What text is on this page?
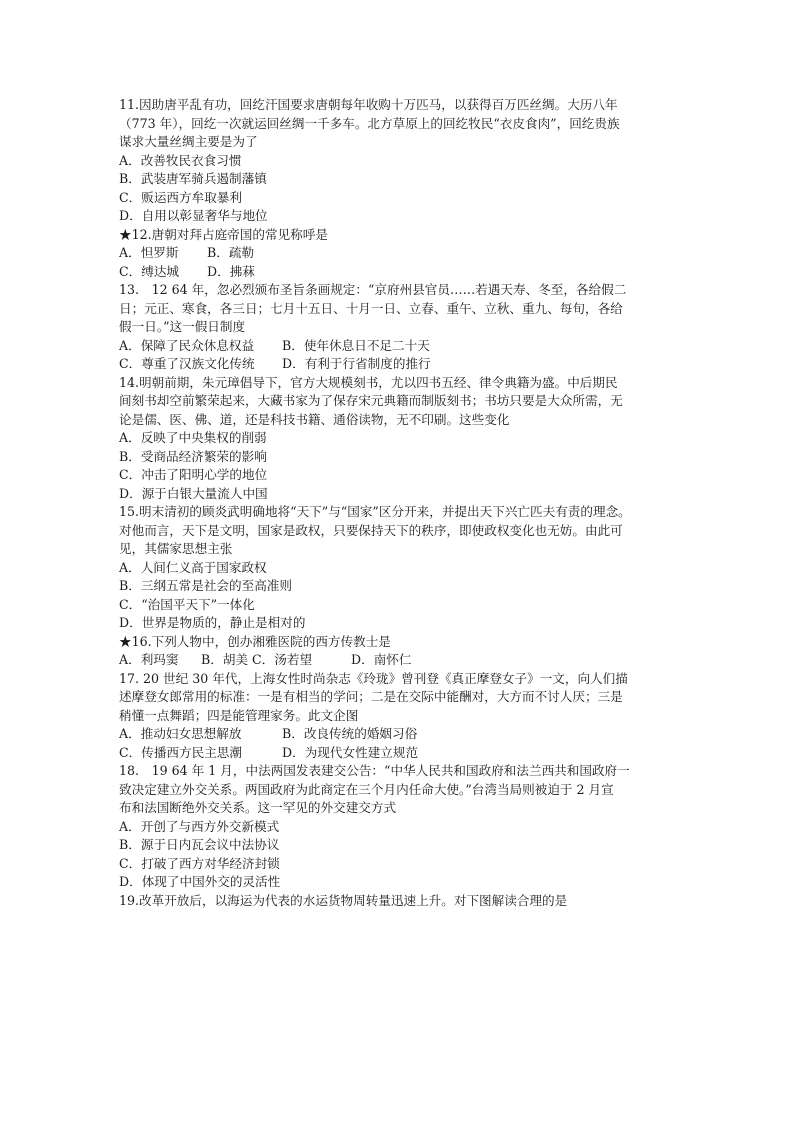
11.因助唐平乱有功，回纥汗国要求唐朝每年收购十万匹马，以获得百万匹丝绸。大历八年
（773 年），回纥一次就运回丝绸一千多车。北方草原上的回纥牧民“衣皮食肉”，回纥贵族
谋求大量丝绸主要是为了
A．改善牧民衣食习惯
B．武装唐军骑兵遏制藩镇
C．贩运西方牟取暴利
D．自用以彰显奢华与地位
★12.唐朝对拜占庭帝国的常见称呼是
A．怛罗斯 B．疏勒
C．缚达城 D．拂菻
13.　12 64 年，忽必烈颁布圣旨条画规定：“京府州县官员……若遇天寿、冬至，各给假二
日；元正、寒食，各三日；七月十五日、十月一日、立春、重午、立秋、重九、每旬，各给
假一日。”这一假日制度
A．保障了民众休息权益 B．使年休息日不足二十天
C．尊重了汉族文化传统 D．有利于行省制度的推行
14.明朝前期，朱元璋倡导下，官方大规模刻书，尤以四书五经、律令典籍为盛。中后期民
间刻书却空前繁荣起来，大藏书家为了保存宋元典籍而制版刻书；书坊只要是大众所需，无
论是儒、医、佛、道，还是科技书籍、通俗读物，无不印刷。这些变化
A．反映了中央集权的削弱
B．受商品经济繁荣的影响
C．冲击了阳明心学的地位
D．源于白银大量流人中国
15.明末清初的顾炎武明确地将“天下”与“国家”区分开来，并提出天下兴亡匹夫有责的理念。
对他而言，天下是文明，国家是政权，只要保持天下的秩序，即使政权变化也无妨。由此可
见，其儒家思想主张
A．人间仁义高于国家政权
B．三纲五常是社会的至高准则
C．“治国平天下”一体化
D．世界是物质的，静止是相对的
★16.下列人物中，创办湘雅医院的西方传教士是
A．利玛窦 B．胡美 C．汤若望	D．南怀仁
17. 20 世纪 30 年代，上海女性时尚杂志《玲珑》曾刊登《真正摩登女子》一文，向人们描
述摩登女郎常用的标准：一是有相当的学问；二是在交际中能酬对，大方而不讨人厌；三是
稍懂一点舞蹈；四是能管理家务。此文企图
A．推动妇女思想解放	B．改良传统的婚姻习俗
C．传播西方民主思潮	D．为现代女性建立规范
18.　19 64 年 1 月，中法两国发表建交公告：“中华人民共和国政府和法兰西共和国政府一
致决定建立外交关系。两国政府为此商定在三个月内任命大使。”台湾当局则被迫于 2 月宣
布和法国断绝外交关系。这一罕见的外交建交方式
A．开创了与西方外交新模式
B．源于日内瓦会议中法协议
C．打破了西方对华经济封锁
D．体现了中国外交的灵活性
19.改革开放后，以海运为代表的水运货物周转量迅速上升。对下图解读合理的是
